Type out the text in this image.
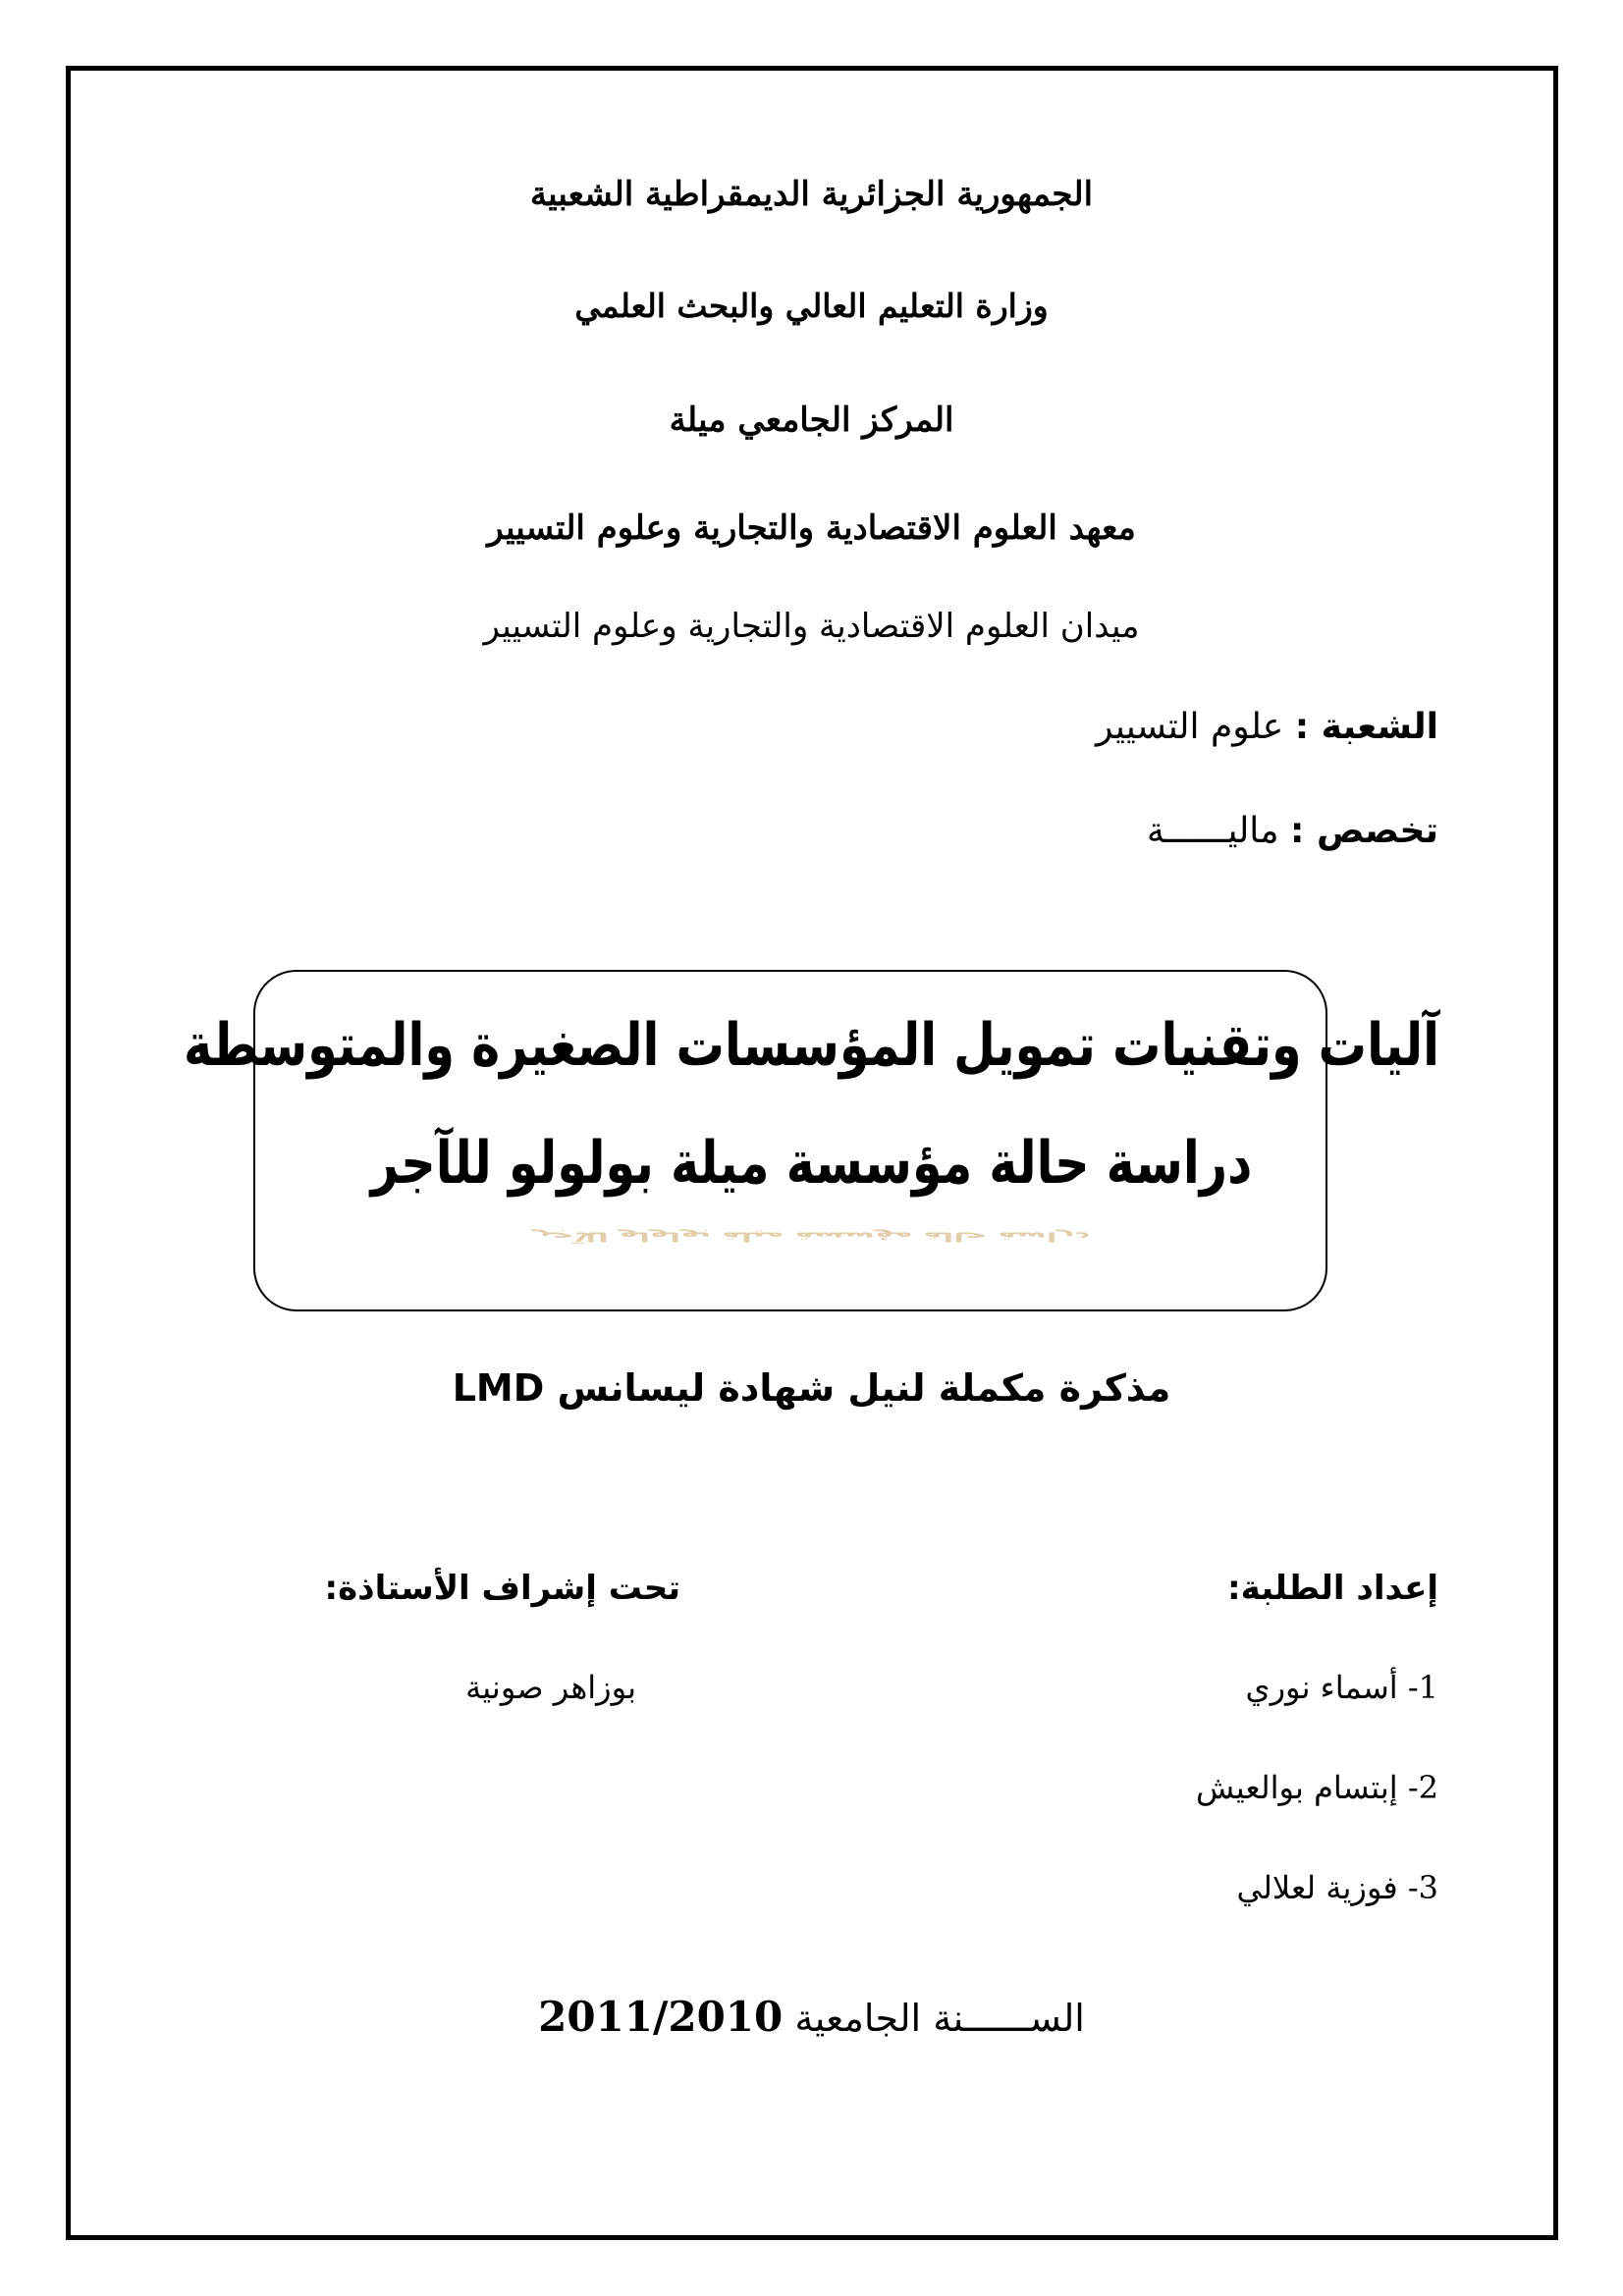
الجمهورية الجزائرية الديمقراطية الشعبية
وزارة التعليم العالي والبحث العلمي
المركز الجامعي ميلة
معهد العلوم الاقتصادية والتجارية وعلوم التسيير
ميدان العلوم الاقتصادية والتجارية وعلوم التسيير
الشعبة : علوم التسيير
تخصص : ماليــــــة
آليات وتقنيات تمويل المؤسسات الصغيرة والمتوسطة
دراسة حالة مؤسسة ميلة بولولو للآجر
دراسة حالة مؤسسة ميلة بولولو للآجر
مذكرة مكملة لنيل شهادة ليسانس LMD
إعداد الطلبة:
تحت إشراف الأستاذة:
1- أسماء نوري
بوزاهر صونية
2- إبتسام بوالعيش
3- فوزية لعلالي
الســــــنة الجامعية 2011/2010
